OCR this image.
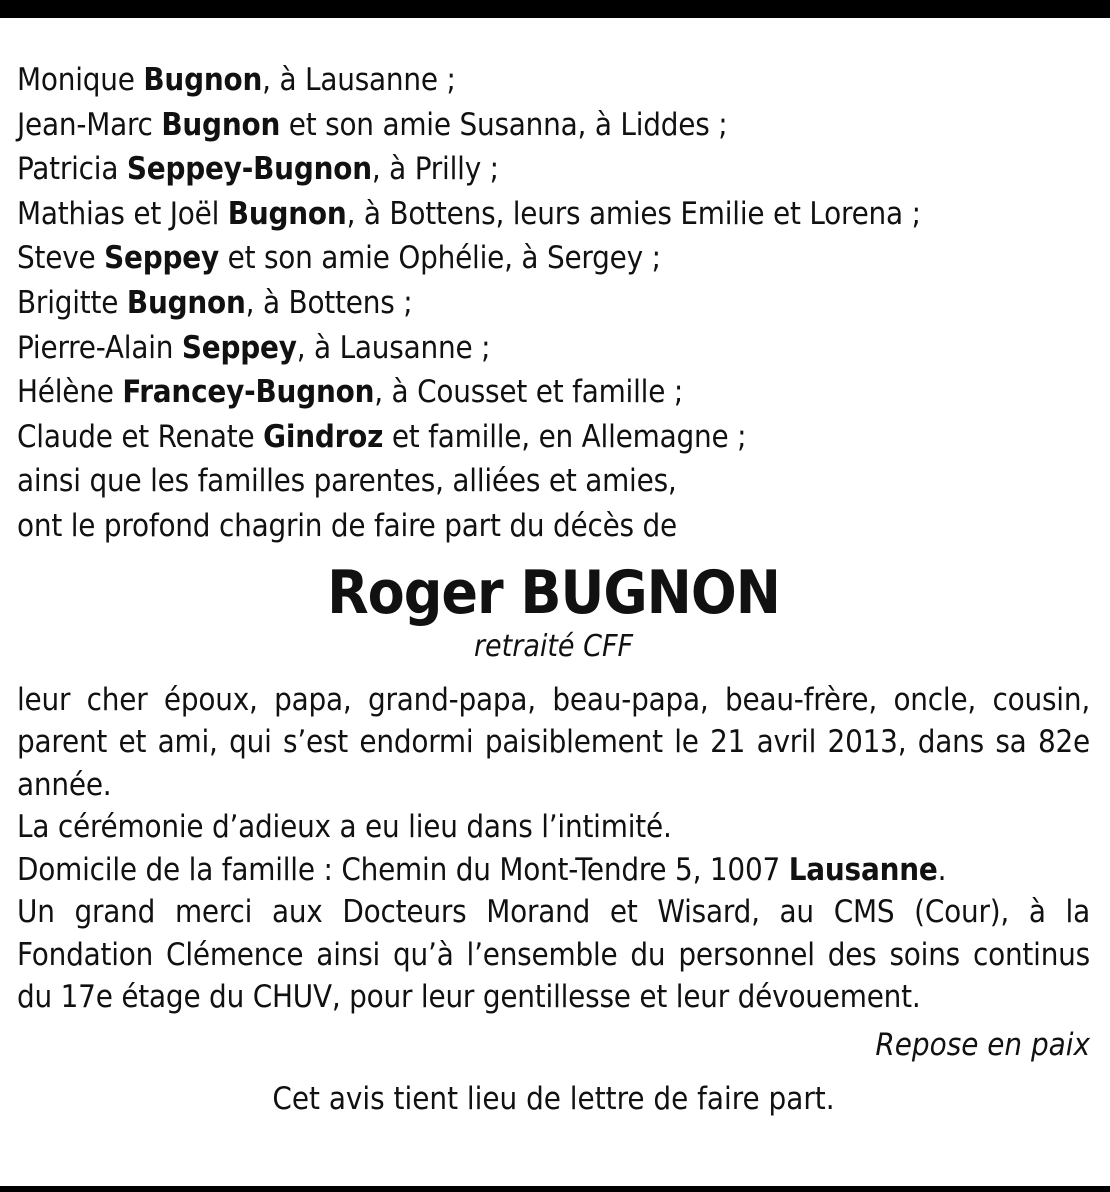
Monique Bugnon, à Lausanne ;
Jean-Marc Bugnon et son amie Susanna, à Liddes ;
Patricia Seppey-Bugnon, à Prilly ;
Mathias et Joël Bugnon, à Bottens, leurs amies Emilie et Lorena ;
Steve Seppey et son amie Ophélie, à Sergey ;
Brigitte Bugnon, à Bottens ;
Pierre-Alain Seppey, à Lausanne ;
Hélène Francey-Bugnon, à Cousset et famille ;
Claude et Renate Gindroz et famille, en Allemagne ;
ainsi que les familles parentes, alliées et amies,
ont le profond chagrin de faire part du décès de
Roger BUGNON
retraité CFF

leur cher époux, papa, grand-papa, beau-papa, beau-frère, oncle, cousin, parent et ami, qui s’est endormi paisiblement le 21 avril 2013, dans sa 82e année.

La cérémonie d’adieux a eu lieu dans l’intimité.

Domicile de la famille : Chemin du Mont-Tendre 5, 1007 Lausanne.

Un grand merci aux Docteurs Morand et Wisard, au CMS (Cour), à la Fondation Clémence ainsi qu’à l’ensemble du personnel des soins continus du 17e étage du CHUV, pour leur gentillesse et leur dévouement.

Repose en paix
Cet avis tient lieu de lettre de faire part.
